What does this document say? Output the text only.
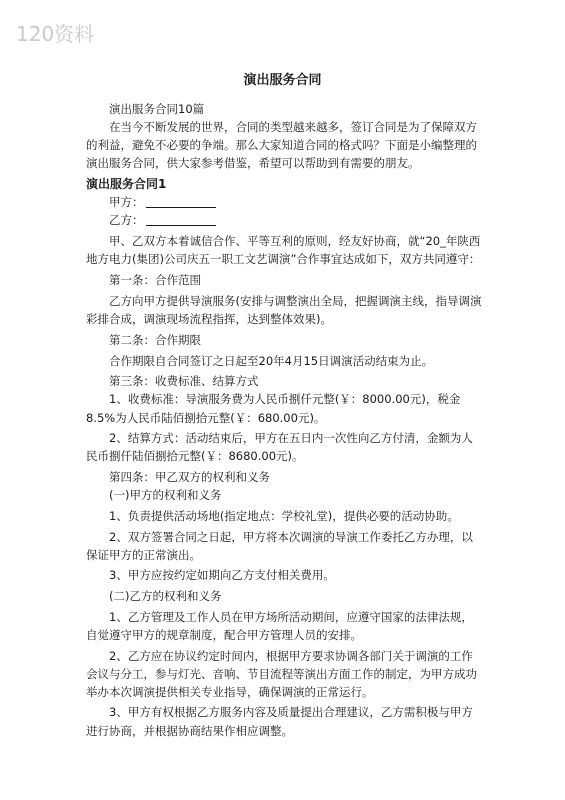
120资料
演出服务合同

演出服务合同10篇

在当今不断发展的世界，合同的类型越来越多，签订合同是为了保障双方的利益，避免不必要的争端。那么大家知道合同的格式吗？下面是小编整理的演出服务合同，供大家参考借鉴，希望可以帮助到有需要的朋友。

演出服务合同1

甲方：

乙方：

甲、乙双方本着诚信合作、平等互利的原则，经友好协商，就“20_年陕西地方电力(集团)公司庆五一职工文艺调演”合作事宜达成如下，双方共同遵守：

第一条：合作范围

乙方向甲方提供导演服务(安排与调整演出全局，把握调演主线，指导调演彩排合成，调演现场流程指挥，达到整体效果)。

第二条：合作期限

合作期限自合同签订之日起至20年4月15日调演活动结束为止。

第三条：收费标准、结算方式

1、收费标准：导演服务费为人民币捌仟元整(￥：8000.00元)，税金8.5%为人民币陆佰捌拾元整(￥：680.00元)。

2、结算方式：活动结束后，甲方在五日内一次性向乙方付清，金额为人民币捌仟陆佰捌拾元整(￥：8680.00元)。

第四条：甲乙双方的权利和义务

(一)甲方的权利和义务

1、负责提供活动场地(指定地点：学校礼堂)，提供必要的活动协助。

2、双方签署合同之日起，甲方将本次调演的导演工作委托乙方办理，以保证甲方的正常演出。

3、甲方应按约定如期向乙方支付相关费用。

(二)乙方的权利和义务

1、乙方管理及工作人员在甲方场所活动期间，应遵守国家的法律法规，自觉遵守甲方的规章制度，配合甲方管理人员的安排。

2、乙方应在协议约定时间内，根据甲方要求协调各部门关于调演的工作会议与分工，参与灯光、音响、节目流程等演出方面工作的制定，为甲方成功举办本次调演提供相关专业指导，确保调演的正常运行。

3、甲方有权根据乙方服务内容及质量提出合理建议，乙方需积极与甲方进行协商，并根据协商结果作相应调整。
